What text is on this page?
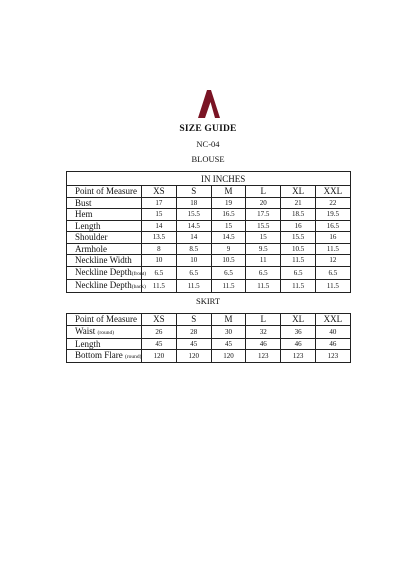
SIZE GUIDE
NC-04
BLOUSE
IN INCHES						
Point of Measure	XS	S	M	L	XL	XXL
Bust	17	18	19	20	21	22
Hem	15	15.5	16.5	17.5	18.5	19.5
Length	14	14.5	15	15.5	16	16.5
Shoulder	13.5	14	14.5	15	15.5	16
Armhole	8	8.5	9	9.5	10.5	11.5
Neckline Width	10	10	10.5	11	11.5	12
Neckline Depth(front)	6.5	6.5	6.5	6.5	6.5	6.5
Neckline Depth(back)	11.5	11.5	11.5	11.5	11.5	11.5
SKIRT
Point of Measure	XS	S	M	L	XL	XXL
Waist (round)	26	28	30	32	36	40
Length	45	45	45	46	46	46
Bottom Flare (round)	120	120	120	123	123	123
